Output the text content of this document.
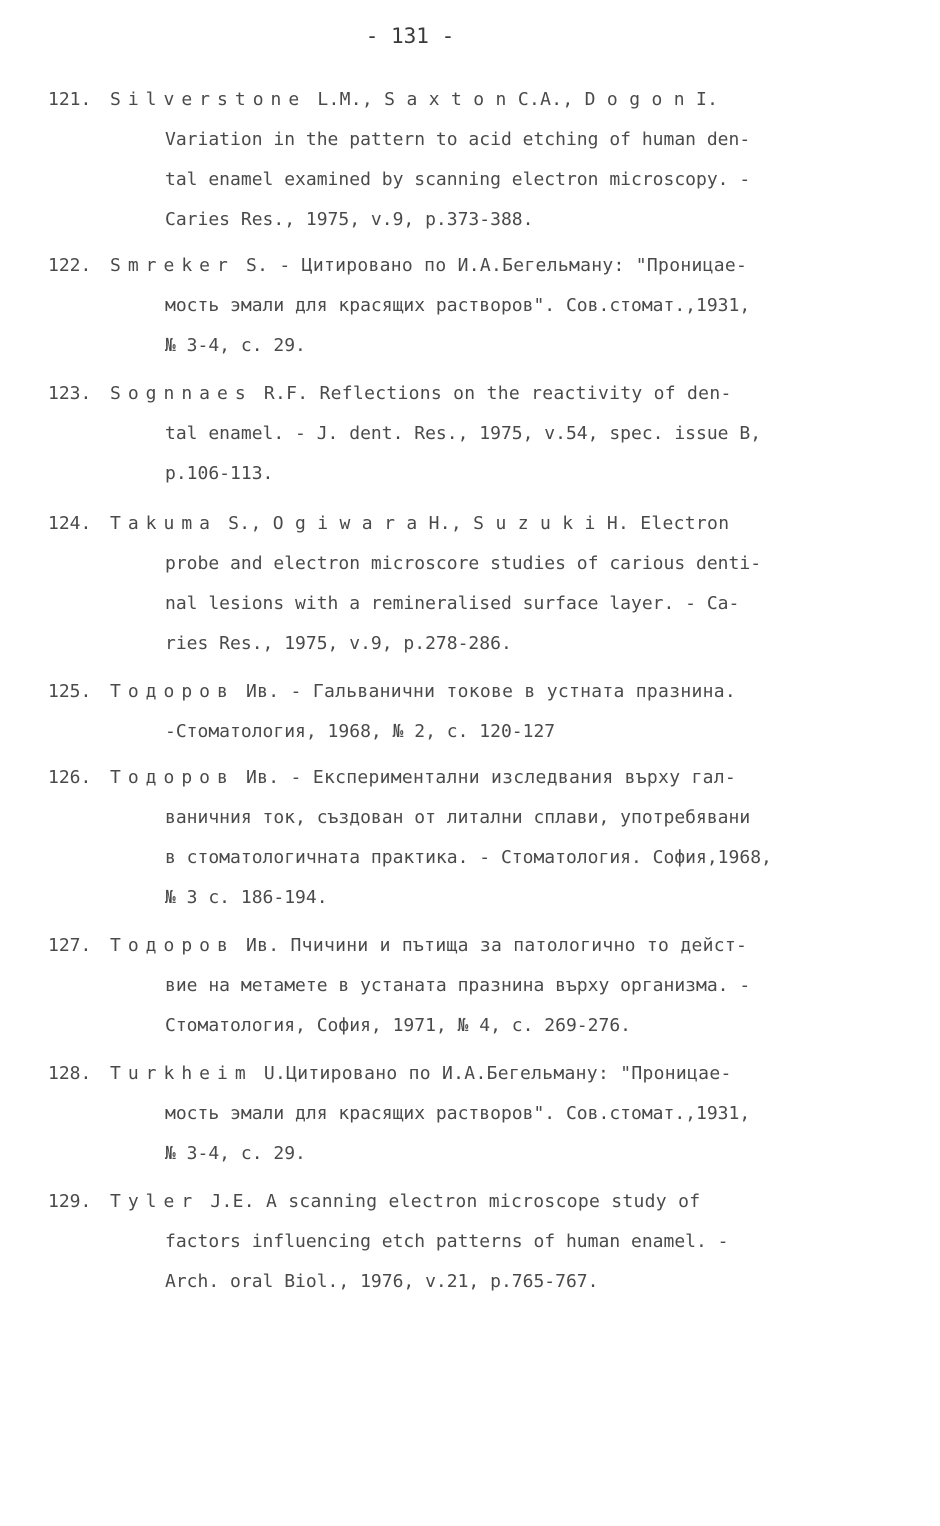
- 131 -
121. Silverstone L.M., S a x t o n C.A., D o g o n I.
Variation in the pattern to acid etching of human den-
tal enamel examined by scanning electron microscopy. -
Caries Res., 1975, v.9, p.373-388.
122. Smreker S. - Цитировано по И.А.Бегельману: "Проницае-
мость эмали для красящих растворов". Сов.стомат.,1931,
№ 3-4, с. 29.
123. Sognnaes R.F. Reflections on the reactivity of den-
tal enamel. - J. dent. Res., 1975, v.54, spec. issue B,
p.106-113.
124. Takuma S., O g i w a r a H., S u z u k i H. Electron
probe and electron microscore studies of carious denti-
nal lesions with a remineralised surface layer. - Ca-
ries Res., 1975, v.9, p.278-286.
125. Тодоров Ив. - Гальванични токове в устната празнина.
-Стоматология, 1968, № 2, с. 120-127
126. Тодоров Ив. - Експериментални изследвания върху гал-
ваничния ток, създован от литални сплави, употребявани
в стоматологичната практика. - Стоматология. София,1968,
№ 3 с. 186-194.
127. Тодоров Ив. Пчичини и пътища за патологично то дейст-
вие на метамете в устаната празнина върху организма. -
Стоматология, София, 1971, № 4, с. 269-276.
128. Turkheim U.Цитировано по И.А.Бегельману: "Проницае-
мость эмали для красящих растворов". Сов.стомат.,1931,
№ 3-4, с. 29.
129. Tyler J.E. A scanning electron microscope study of
factors influencing etch patterns of human enamel. -
Arch. oral Biol., 1976, v.21, p.765-767.
